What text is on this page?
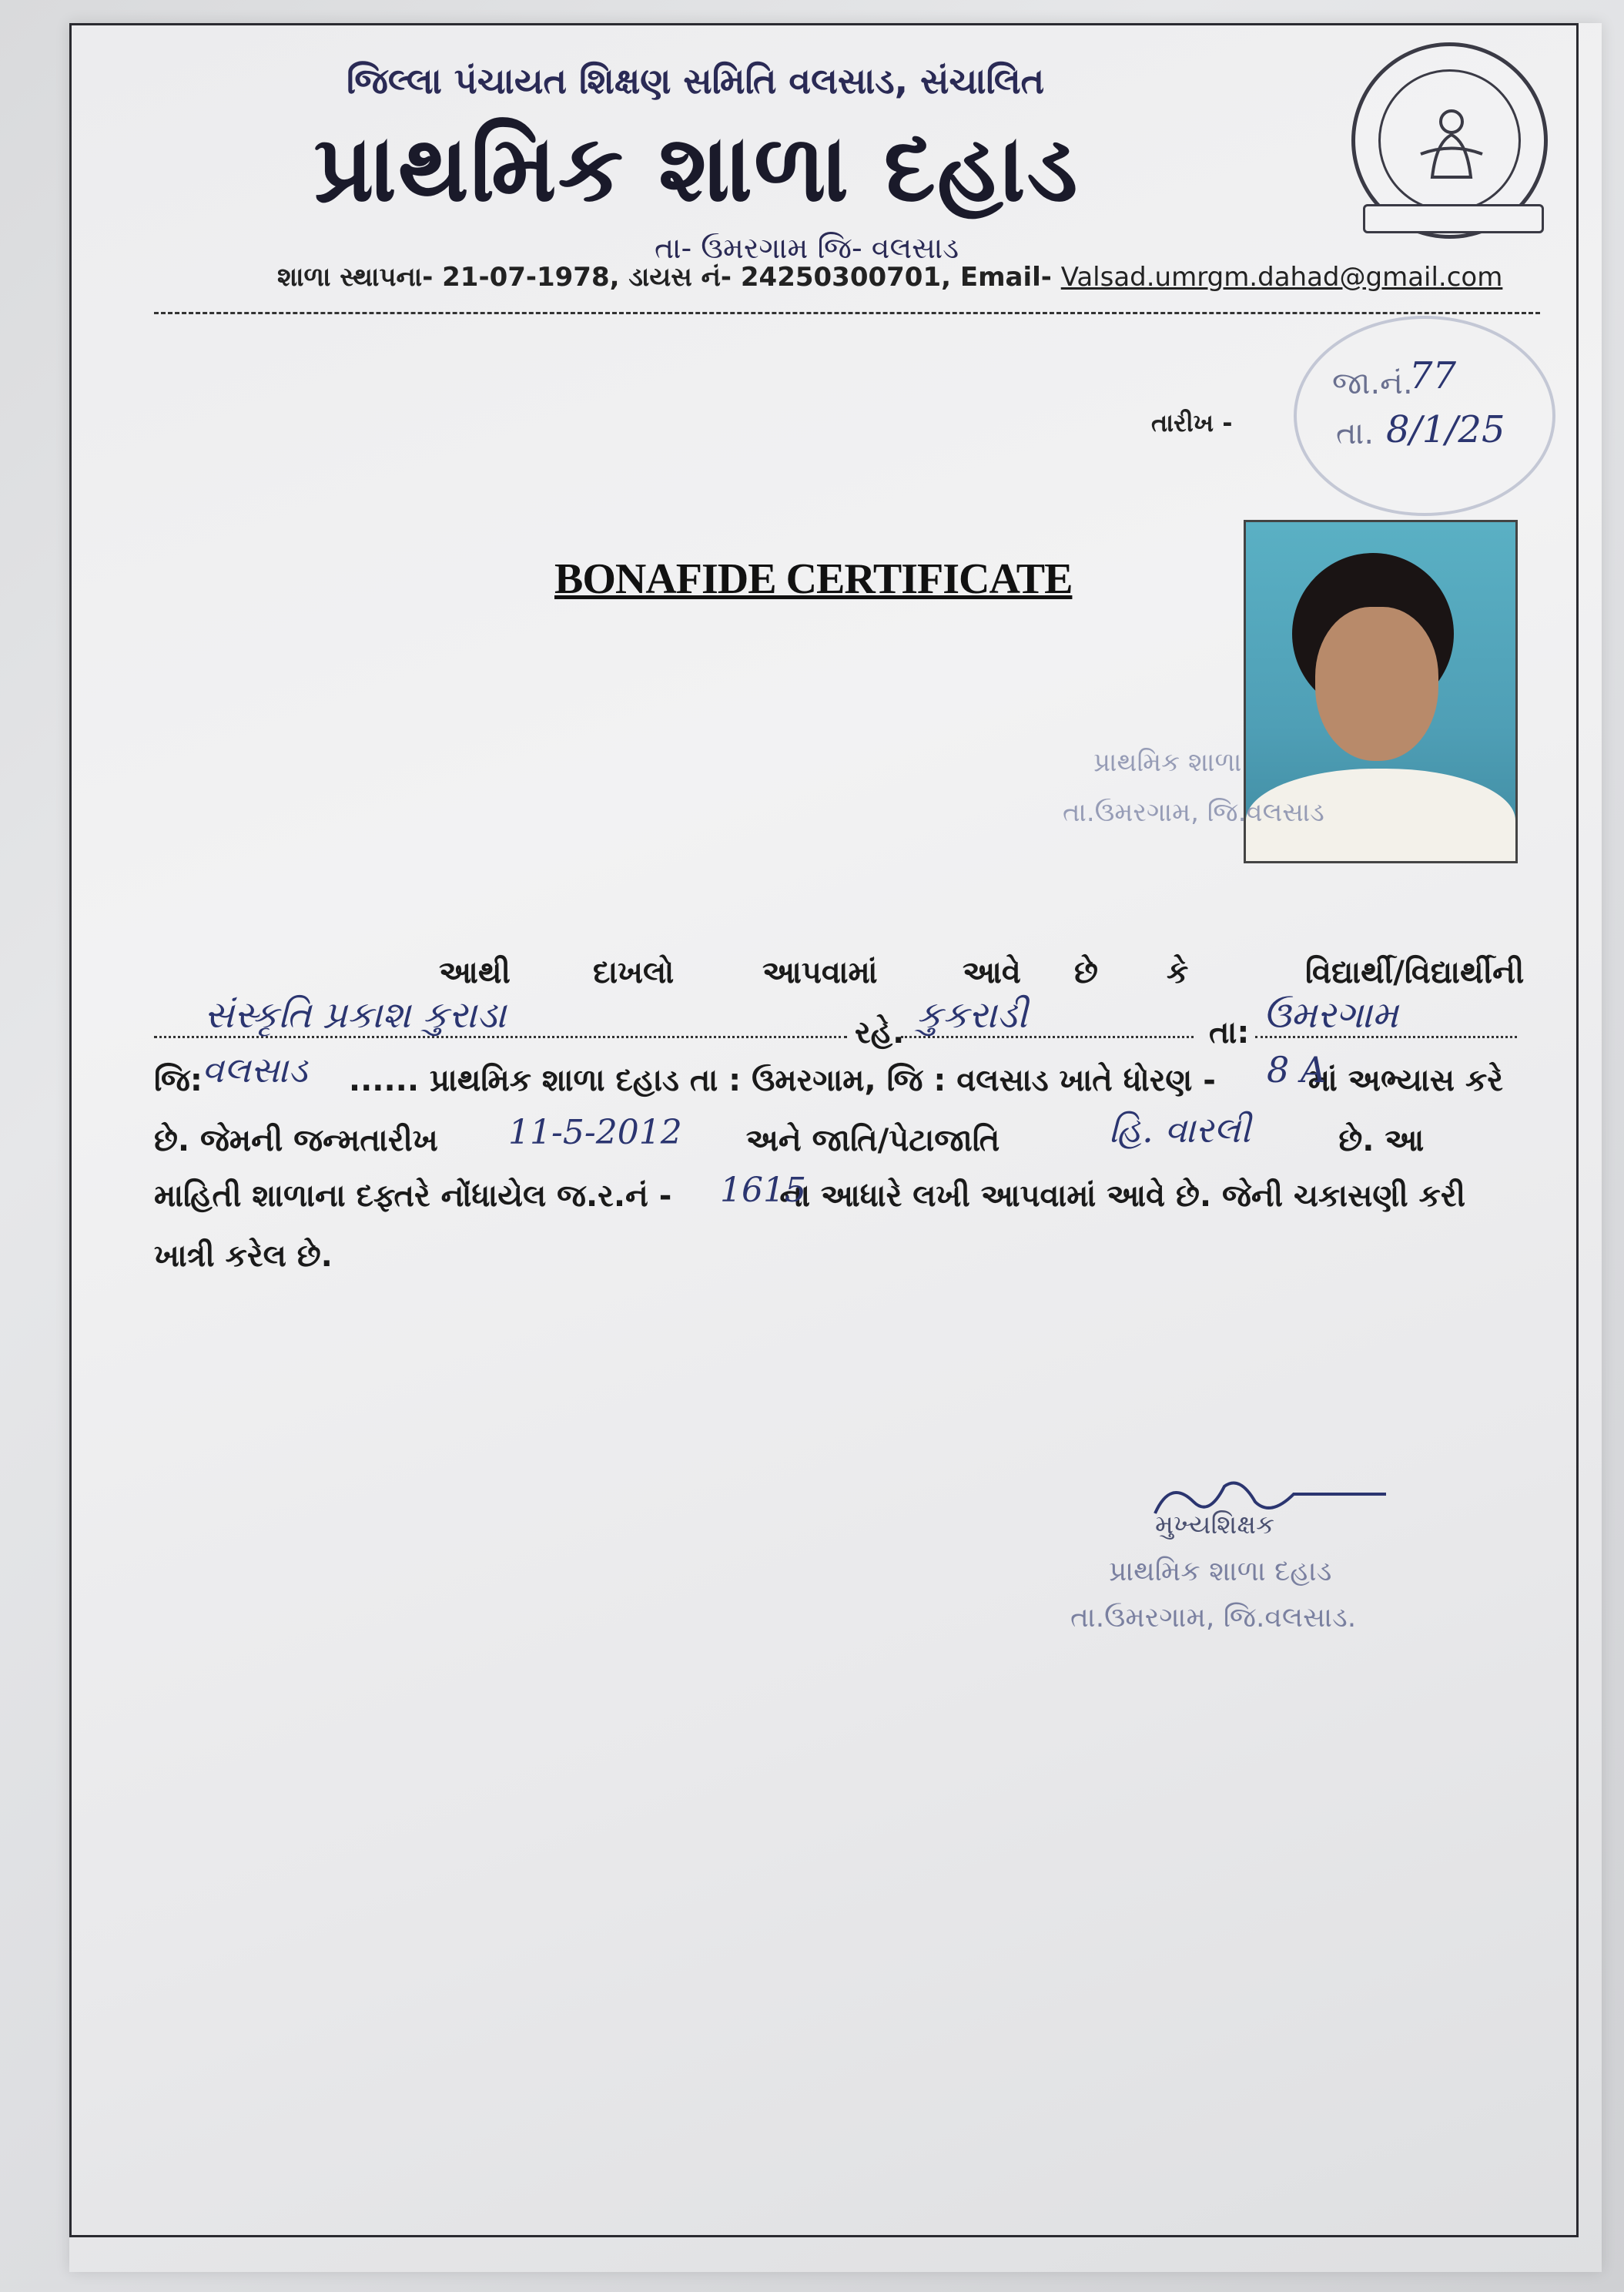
જિલ્લા પંચાયત શિક્ષણ સમિતિ વલસાડ, સંચાલિત
પ્રાથમિક શાળા દહાડ
તા- ઉમરગામ જિ- વલસાડ
શાળા સ્થાપના- 21-07-1978, ડાયસ નં- 24250300701, Email- Valsad.umrgm.dahad@gmail.com
તારીખ -
જા.નં.
77
તા. 8/1/25
BONAFIDE CERTIFICATE
પ્રાથમિક શાળા
તા.ઉમરગામ, જિ.વલસાડ
આથી	દાખલો	આપવામાં	આવે છે કે	વિદ્યાર્થી/વિદ્યાર્થીની
સંસ્કૃતિ પ્રકાશ કુરાડા	રહે. કુકરાડી	તા: ઉમરગામ
જિ:	...... પ્રાથમિક શાળા દહાડ તા : ઉમરગામ, જિ : વલસાડ ખાતે ધોરણ -	માં અભ્યાસ કરે
વલસાડ	8 A
છે. જેમની જન્મતારીખ	અને જાતિ/પેટાજાતિ	છે. આ
11-5-2012	હિ. વારલી
માહિતી શાળાના દફ્તરે નોંધાયેલ જ.ર.નં -	ના આધારે લખી આપવામાં આવે છે. જેની ચકાસણી કરી
1615
ખાત્રી કરેલ છે.
મુખ્યશિક્ષક
પ્રાથમિક શાળા દહાડ
તા.ઉમરગામ, જિ.વલસાડ.
